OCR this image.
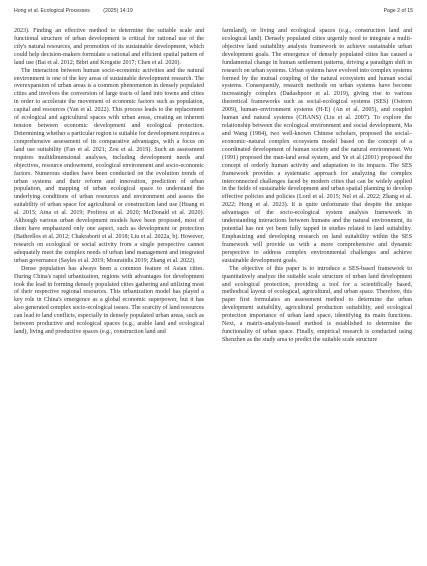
Hong et al. Ecological Processes	(2025) 14:19	Page 2 of 15

2023). Finding an effective method to determine the suitable scale and functional structure of urban development is critical for rational use of the city's natural resources, and promotion of its sustainable development, which could help decision-makers formulate a rational and efficient spatial pattern of land use (Bai et al. 2012; Bibri and Krogstie 2017; Chen et al. 2020).

The interaction between human socio-economic activities and the natural environment is one of the key areas of sustainable development research. The overexpansion of urban areas is a common phenomenon in densely populated cities and involves the conversion of large tracts of land into towns and cities in order to accelerate the movement of economic factors such as population, capital and resources (Yan et al. 2022). This process leads to the replacement of ecological and agricultural spaces with urban areas, creating an inherent tension between economic development and ecological protection. Determining whether a particular region is suitable for development requires a comprehensive assessment of its comparative advantages, with a focus on land use suitability (Fan et al. 2021; Zou et al. 2019). Such an assessment requires multidimensional analyses, including development needs and objectives, resource endowment, ecological environment and socio-economic factors. Numerous studies have been conducted on the evolution trends of urban systems and their reform and innovation, prediction of urban population, and mapping of urban ecological space to understand the underlying conditions of urban resources and environment and assess the suitability of urban space for agricultural or construction land use (Huang et al. 2015; Aina et al. 2019; Profirou et al. 2020; McDonald et al. 2020). Although various urban development models have been proposed, most of them have emphasized only one aspect, such as development or protection (Bathrellos et al. 2012; Chakraborti et al. 2018; Liu et al. 2022a, b). However, research on ecological or social activity from a single perspective cannot adequately meet the complex needs of urban land management and integrated urban governance (Sayles et al. 2019; Mouratidis 2019; Zhang et al. 2022).

Dense population has always been a common feature of Asian cities. During China's rapid urbanization, regions with advantages for development took the lead in forming densely populated cities gathering and utilizing most of their respective regional resources. This urbanization model has played a key role in China's emergence as a global economic superpower, but it has also generated complex socio-ecological issues. The scarcity of land resources can lead to land conflicts, especially in densely populated urban areas, such as between productive and ecological spaces (e.g., arable land and ecological land), living and productive spaces (e.g., construction land and

farmland), or living and ecological spaces (e.g., construction land and ecological land). Densely populated cities urgently need to integrate a multi-objective land suitability analysis framework to achieve sustainable urban development goals. The emergence of densely populated cities has caused a fundamental change in human settlement patterns, driving a paradigm shift in research on urban systems. Urban systems have evolved into complex systems formed by the mutual coupling of the natural ecosystem and human social systems. Consequently, research methods on urban systems have become increasingly complex (Dadashpoor et al. 2019), giving rise to various theoretical frameworks such as social-ecological systems (SES) (Ostrom 2009), human–environment systems (H-E) (An et al. 2005), and coupled human and natural systems (CHANS) (Liu et al. 2007). To explore the relationship between the ecological environment and social development, Ma and Wang (1984), two well-known Chinese scholars, proposed the social–economic–natural complex ecosystem model based on the concept of a coordinated development of human society and the natural environment. Wu (1991) proposed the man-land areal system, and Ye et al (2001) proposed the concept of orderly human activity and adaptation to its impacts. The SES framework provides a systematic approach for analyzing the complex interconnected challenges faced by modern cities that can be widely applied in the fields of sustainable development and urban spatial planning to develop effective policies and policies (Lord et al. 2015; Nel et al. 2022; Zhang et al. 2022; Hong et al. 2023). It is quite unfortunate that despite the unique advantages of the socio-ecological system analysis framework in understanding interactions between humans and the natural environment, its potential has not yet been fully tapped in studies related to land suitability. Emphasizing and developing research on land suitability within the SES framework will provide us with a more comprehensive and dynamic perspective to address complex environmental challenges and achieve sustainable development goals.

The objective of this paper is to introduce a SES-based framework to quantitatively analyze the suitable scale structure of urban land development and ecological protection, providing a tool for a scientifically based, methodical layout of ecological, agricultural, and urban space. Therefore, this paper first formulates an assessment method to determine the urban development suitability, agricultural production suitability, and ecological protection importance of urban land space, identifying its main functions. Next, a matrix-analysis-based method is established to determine the functionality of urban space. Finally, empirical research is conducted using Shenzhen as the study area to predict the suitable scale structure
